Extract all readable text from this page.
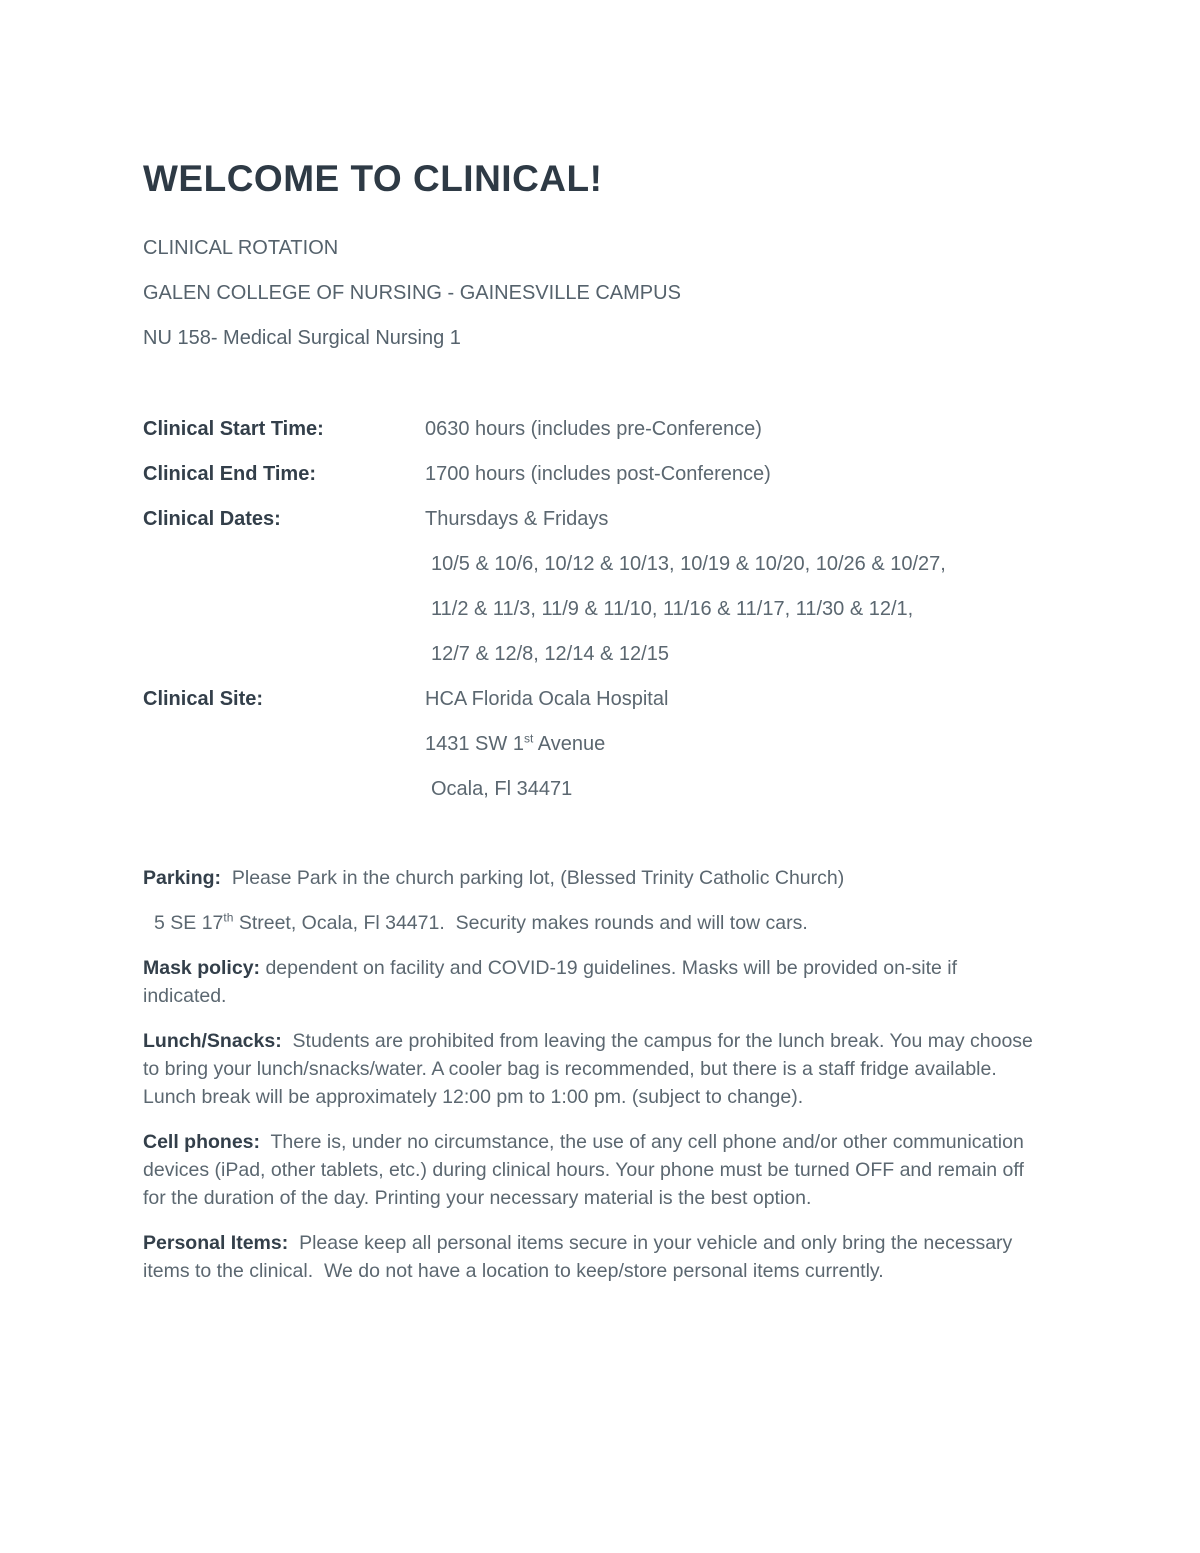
WELCOME TO CLINICAL!

CLINICAL ROTATION

GALEN COLLEGE OF NURSING - GAINESVILLE CAMPUS

NU 158- Medical Surgical Nursing 1

Clinical Start Time:	0630 hours (includes pre-Conference)
Clinical End Time:	1700 hours (includes post-Conference)
Clinical Dates:	Thursdays & Fridays
10/5 & 10/6, 10/12 & 10/13, 10/19 & 10/20, 10/26 & 10/27,
11/2 & 11/3, 11/9 & 11/10, 11/16 & 11/17, 11/30 & 12/1,
12/7 & 12/8, 12/14 & 12/15
Clinical Site:	HCA Florida Ocala Hospital
1431 SW 1st Avenue
Ocala, Fl 34471

Parking:  Please Park in the church parking lot, (Blessed Trinity Catholic Church)

5 SE 17th Street, Ocala, Fl 34471.  Security makes rounds and will tow cars.

Mask policy: dependent on facility and COVID-19 guidelines. Masks will be provided on-site if indicated.

Lunch/Snacks:  Students are prohibited from leaving the campus for the lunch break. You may choose to bring your lunch/snacks/water. A cooler bag is recommended, but there is a staff fridge available.  Lunch break will be approximately 12:00 pm to 1:00 pm. (subject to change).

Cell phones:  There is, under no circumstance, the use of any cell phone and/or other communication devices (iPad, other tablets, etc.) during clinical hours. Your phone must be turned OFF and remain off for the duration of the day. Printing your necessary material is the best option.

Personal Items:  Please keep all personal items secure in your vehicle and only bring the necessary items to the clinical.  We do not have a location to keep/store personal items currently.
